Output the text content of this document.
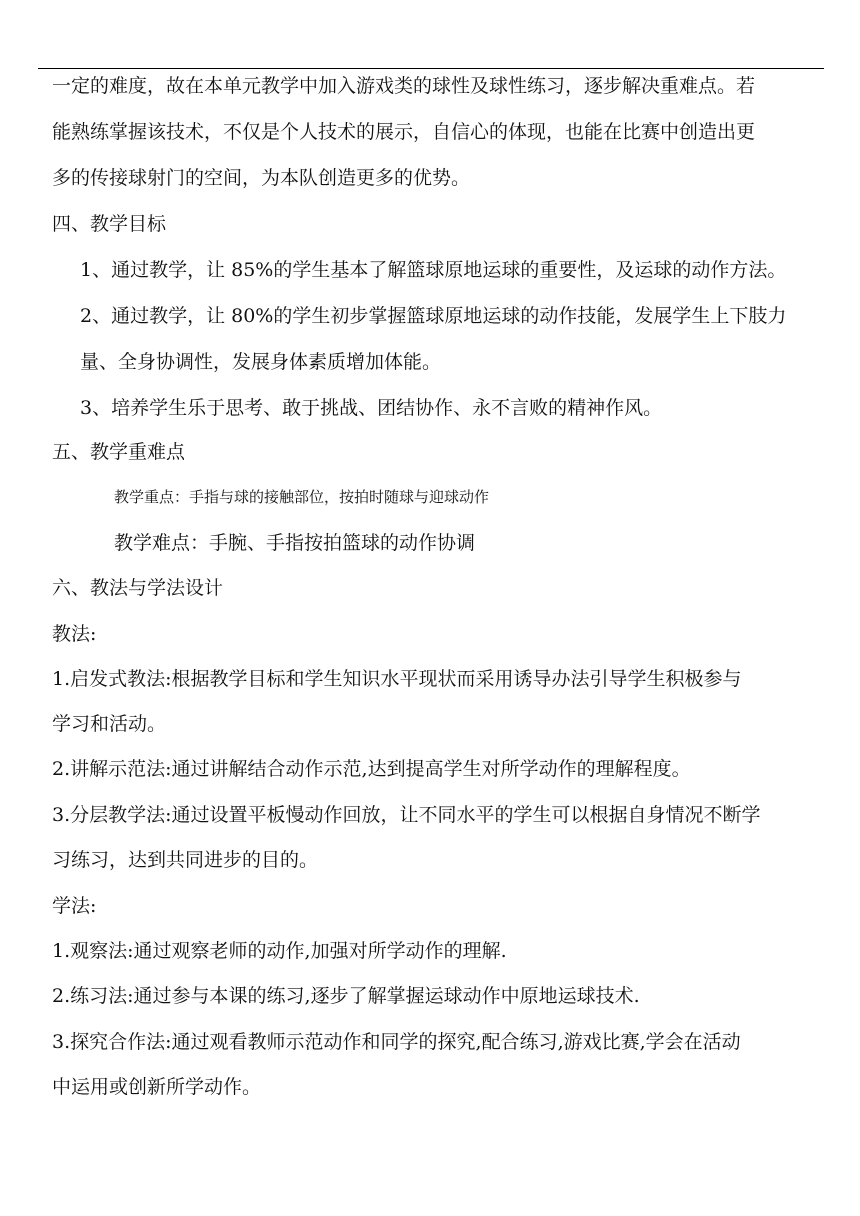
一定的难度，故在本单元教学中加入游戏类的球性及球性练习，逐步解决重难点。若
能熟练掌握该技术，不仅是个人技术的展示，自信心的体现，也能在比赛中创造出更
多的传接球射门的空间，为本队创造更多的优势。
四、教学目标
1、通过教学，让 85%的学生基本了解篮球原地运球的重要性，及运球的动作方法。
2、通过教学，让 80%的学生初步掌握篮球原地运球的动作技能，发展学生上下肢力
量、全身协调性，发展身体素质增加体能。
3、培养学生乐于思考、敢于挑战、团结协作、永不言败的精神作风。
五、教学重难点
教学重点：手指与球的接触部位，按拍时随球与迎球动作
教学难点：手腕、手指按拍篮球的动作协调
六、教法与学法设计
教法:
1.启发式教法:根据教学目标和学生知识水平现状而采用诱导办法引导学生积极参与
学习和活动。
2.讲解示范法:通过讲解结合动作示范,达到提高学生对所学动作的理解程度。
3.分层教学法:通过设置平板慢动作回放，让不同水平的学生可以根据自身情况不断学
习练习，达到共同进步的目的。
学法:
1.观察法:通过观察老师的动作,加强对所学动作的理解.
2.练习法:通过参与本课的练习,逐步了解掌握运球动作中原地运球技术.
3.探究合作法:通过观看教师示范动作和同学的探究,配合练习,游戏比赛,学会在活动
中运用或创新所学动作。
